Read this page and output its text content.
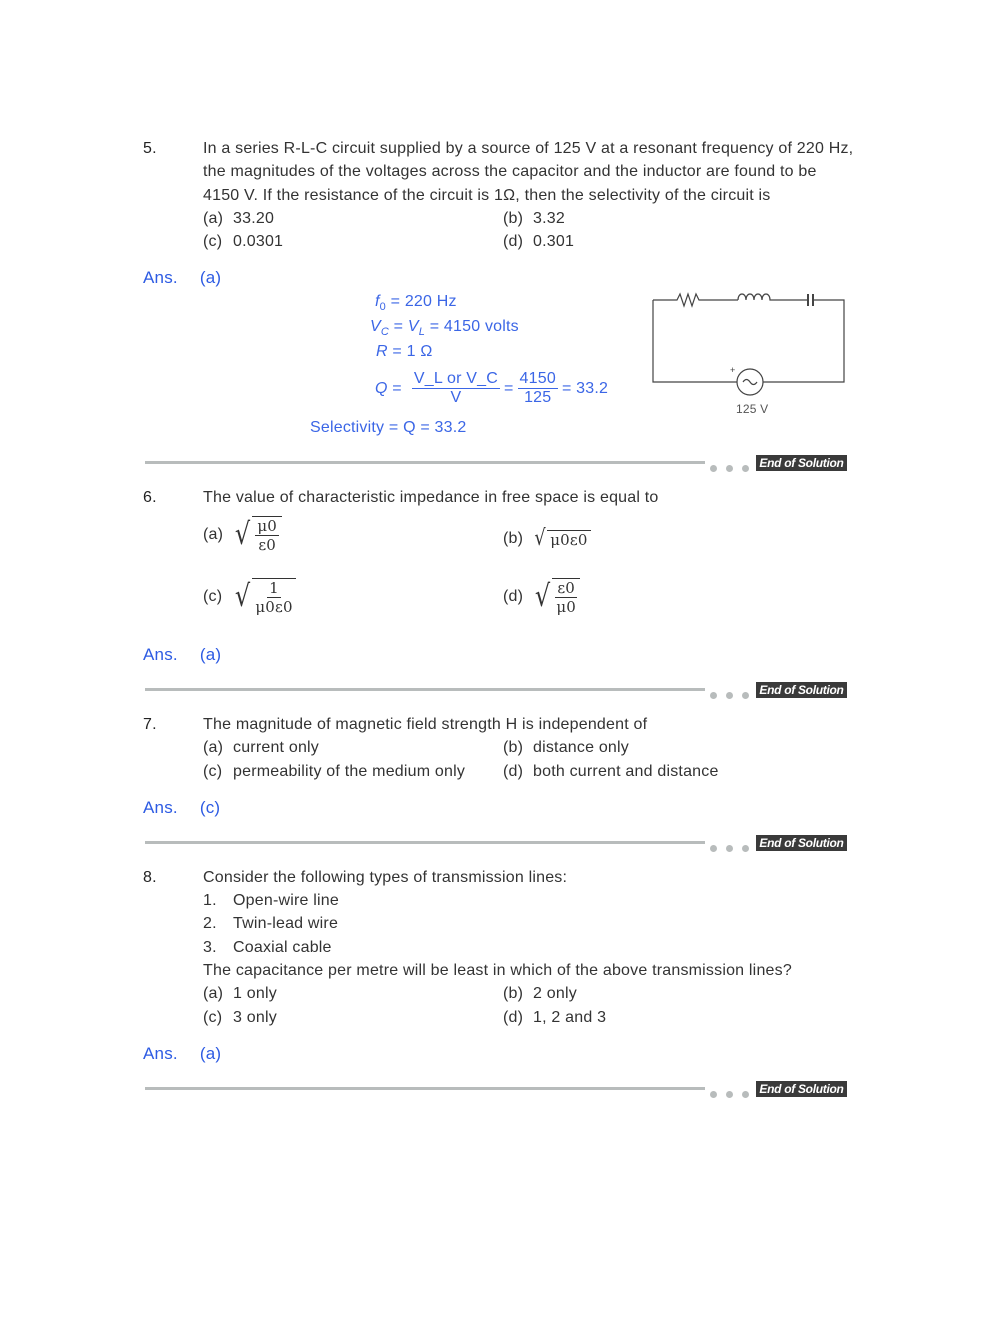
5.	In a series R-L-C circuit supplied by a source of 125 V at a resonant frequency of 220 Hz,
the magnitudes of the voltages across the capacitor and the inductor are found to be
4150 V. If the resistance of the circuit is 1Ω, then the selectivity of the circuit is
(a) 33.20	(b) 3.32
(c) 0.0301	(d) 0.301
Ans. (a)
$f_0 = 220$ Hz
$V_C = V_L = 4150$ volts
R = 1 Ω
$Q = \frac{\text{V\_L or V\_C}}{V} = \frac{4150}{125} = 33.2$
Selectivity = Q = 33.2
+
125 V
End of Solution
6.	The value of characteristic impedance in free space is equal to
(a) √ $\frac{\mu 0}{\varepsilon 0}$	(b) √ μ0ε0
(c) √ $\frac{1}{\mu 0\varepsilon 0}$	(d) √ $\frac{\varepsilon 0}{\mu 0}$
Ans. (a)
End of Solution
7.	The magnitude of magnetic field strength H is independent of
(a) current only	(b) distance only
(c) permeability of the medium only (d) both current and distance
Ans. (c)
End of Solution
8.	Consider the following types of transmission lines:
1. Open-wire line
2. Twin-lead wire
3. Coaxial cable
The capacitance per metre will be least in which of the above transmission lines?
(a) 1 only	(b) 2 only
(c) 3 only	(d) 1, 2 and 3
Ans. (a)
End of Solution
